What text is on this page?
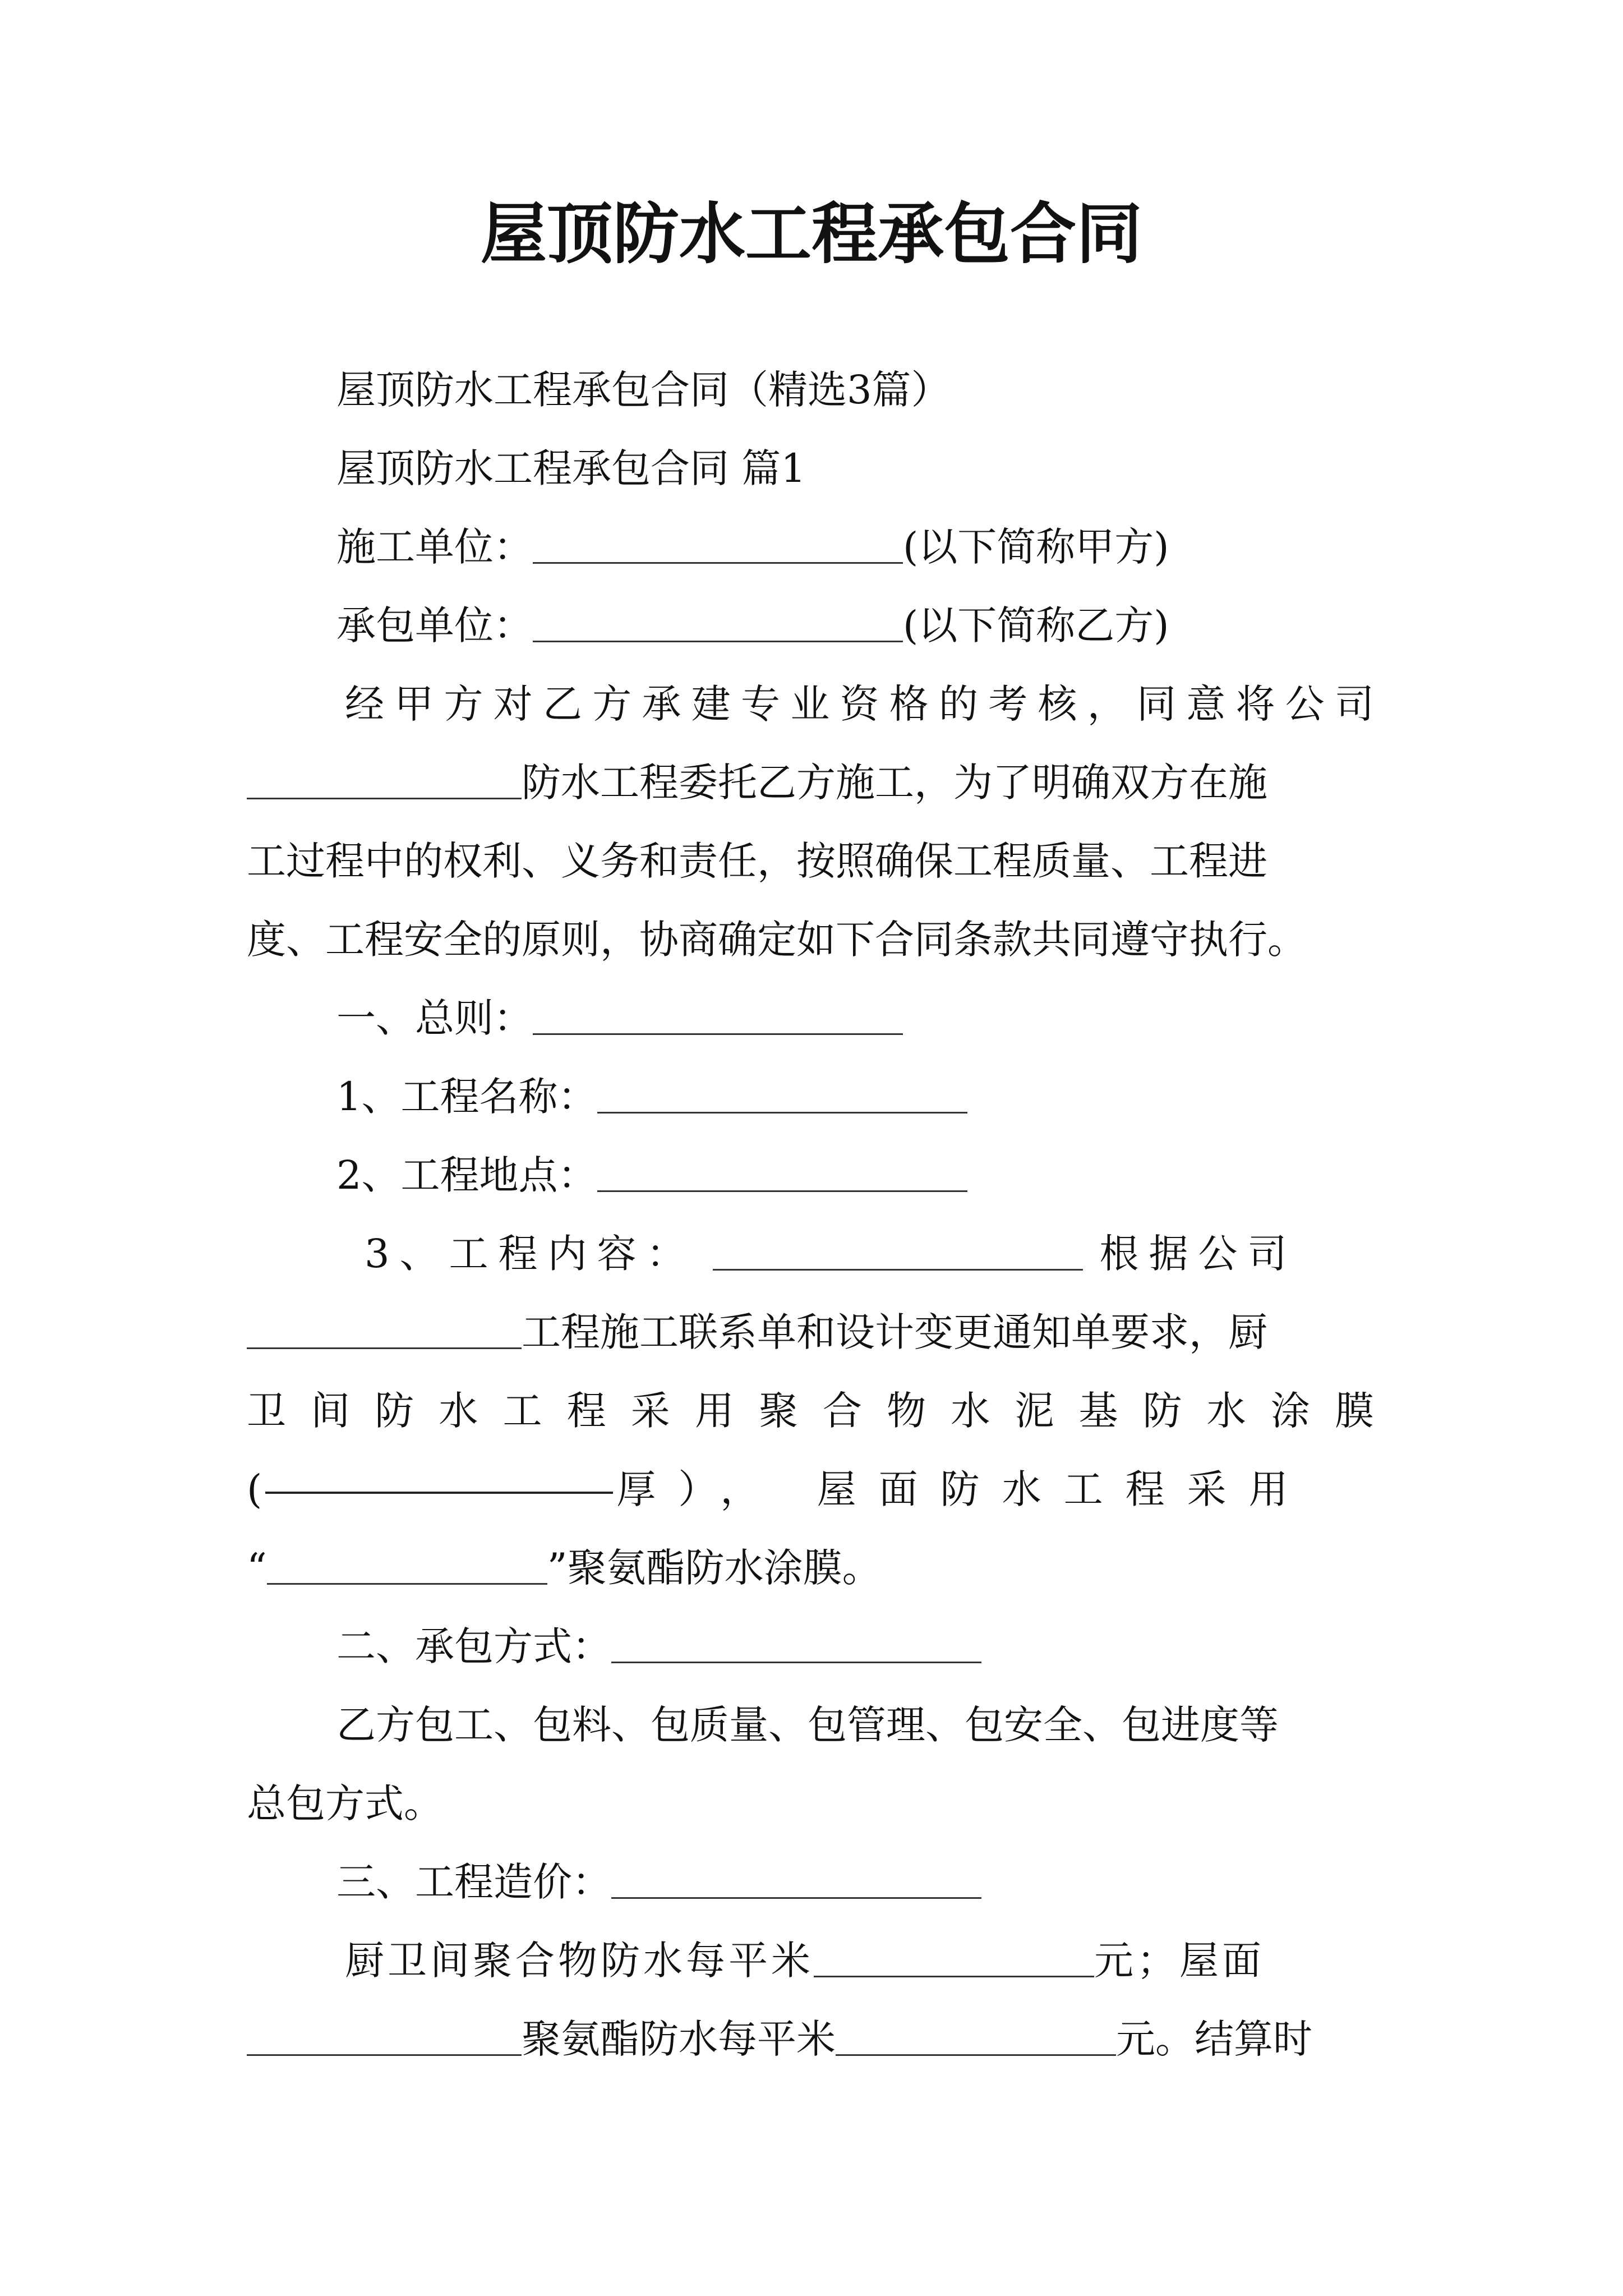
屋顶防水工程承包合同
屋顶防水工程承包合同（精选3篇）
屋顶防水工程承包合同 篇1
施工单位：	(以下简称甲方)
承包单位：	(以下简称乙方)
经甲方对乙方承建专业资格的考核，同意将公司
防水工程委托乙方施工，为了明确双方在施
工过程中的权利、义务和责任，按照确保工程质量、工程进
度、工程安全的原则，协商确定如下合同条款共同遵守执行。
一、总则：
1、工程名称：
2、工程地点：
3、工程内容：	根据公司
工程施工联系单和设计变更通知单要求，厨
卫间防水工程采用聚合物水泥基防水涂膜
(	厚）， 屋面防水工程采用
“	”聚氨酯防水涂膜。
二、承包方式：
乙方包工、包料、包质量、包管理、包安全、包进度等
总包方式。
三、工程造价：
厨卫间聚合物防水每平米	元；屋面
聚氨酯防水每平米	元。结算时
